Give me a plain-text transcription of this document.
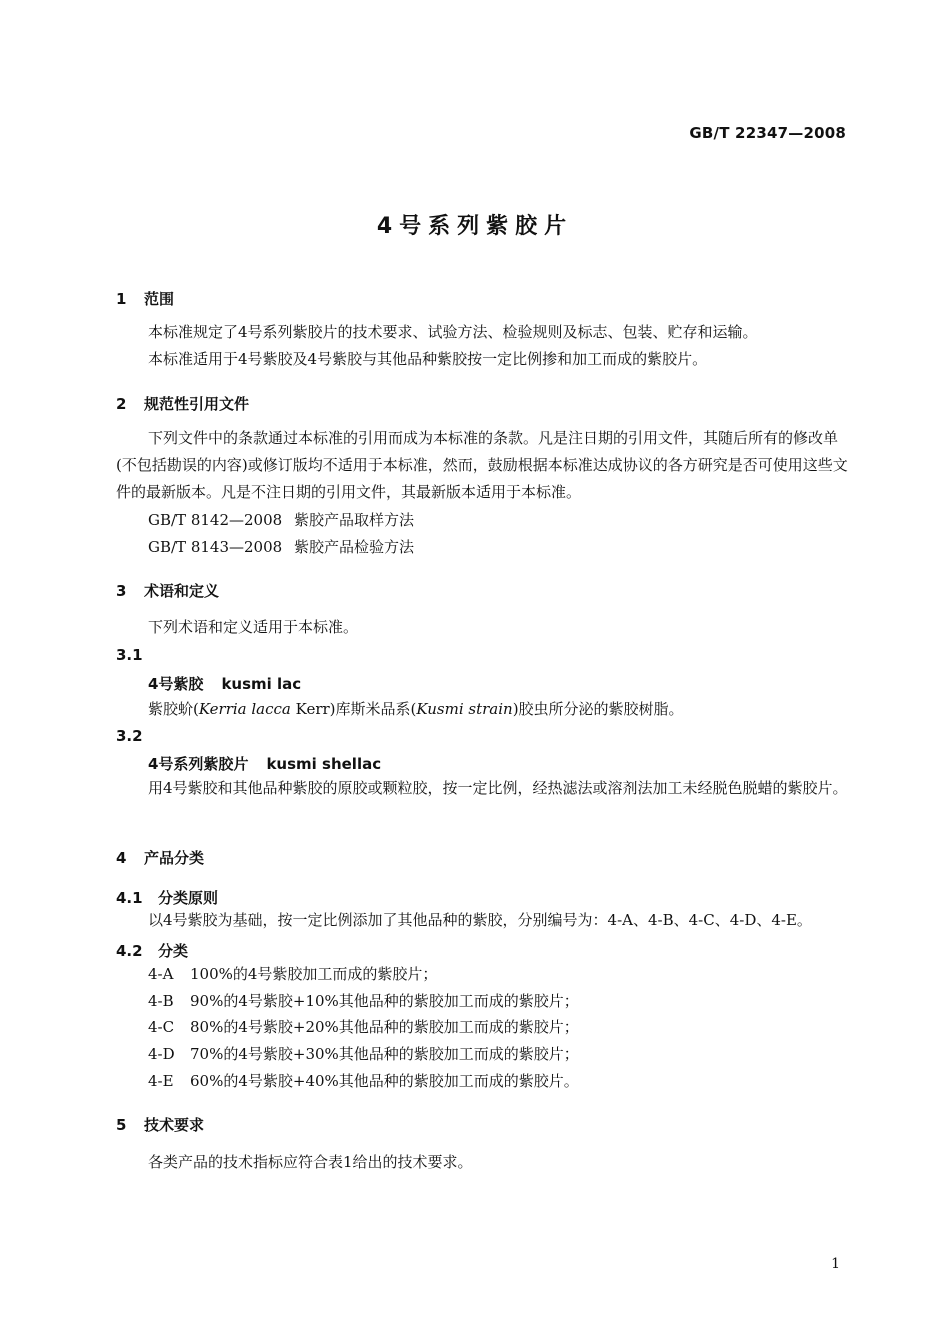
GB/T 22347—2008
4号系列紫胶片
1 范围
本标准规定了4号系列紫胶片的技术要求、试验方法、检验规则及标志、包装、贮存和运输。
本标准适用于4号紫胶及4号紫胶与其他品种紫胶按一定比例掺和加工而成的紫胶片。
2 规范性引用文件
下列文件中的条款通过本标准的引用而成为本标准的条款。凡是注日期的引用文件，其随后所有的修改单(不包括勘误的内容)或修订版均不适用于本标准，然而，鼓励根据本标准达成协议的各方研究是否可使用这些文件的最新版本。凡是不注日期的引用文件，其最新版本适用于本标准。
GB/T 8142—2008 紫胶产品取样方法
GB/T 8143—2008 紫胶产品检验方法
3 术语和定义
下列术语和定义适用于本标准。
3.1
4号紫胶 kusmi lac
紫胶蚧(Kerria lacca Kerr)库斯米品系(Kusmi strain)胶虫所分泌的紫胶树脂。
3.2
4号系列紫胶片 kusmi shellac
用4号紫胶和其他品种紫胶的原胶或颗粒胶，按一定比例，经热滤法或溶剂法加工未经脱色脱蜡的紫胶片。
4 产品分类
4.1 分类原则
以4号紫胶为基础，按一定比例添加了其他品种的紫胶，分别编号为：4-A、4-B、4-C、4-D、4-E。
4.2 分类
4-A 100%的4号紫胶加工而成的紫胶片；
4-B 90%的4号紫胶+10%其他品种的紫胶加工而成的紫胶片；
4-C 80%的4号紫胶+20%其他品种的紫胶加工而成的紫胶片；
4-D 70%的4号紫胶+30%其他品种的紫胶加工而成的紫胶片；
4-E 60%的4号紫胶+40%其他品种的紫胶加工而成的紫胶片。
5 技术要求
各类产品的技术指标应符合表1给出的技术要求。
1
